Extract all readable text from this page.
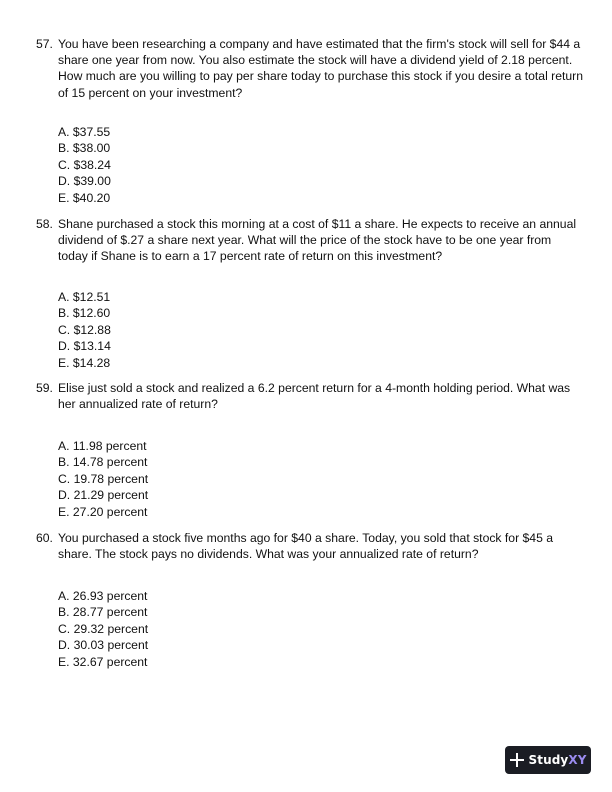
57. You have been researching a company and have estimated that the firm's stock will sell for $44 a share one year from now. You also estimate the stock will have a dividend yield of 2.18 percent. How much are you willing to pay per share today to purchase this stock if you desire a total return of 15 percent on your investment?
A. $37.55
B. $38.00
C. $38.24
D. $39.00
E. $40.20
58. Shane purchased a stock this morning at a cost of $11 a share. He expects to receive an annual dividend of $.27 a share next year. What will the price of the stock have to be one year from today if Shane is to earn a 17 percent rate of return on this investment?
A. $12.51
B. $12.60
C. $12.88
D. $13.14
E. $14.28
59. Elise just sold a stock and realized a 6.2 percent return for a 4-month holding period. What was her annualized rate of return?
A. 11.98 percent
B. 14.78 percent
C. 19.78 percent
D. 21.29 percent
E. 27.20 percent
60. You purchased a stock five months ago for $40 a share. Today, you sold that stock for $45 a share. The stock pays no dividends. What was your annualized rate of return?
A. 26.93 percent
B. 28.77 percent
C. 29.32 percent
D. 30.03 percent
E. 32.67 percent
StudyXY
